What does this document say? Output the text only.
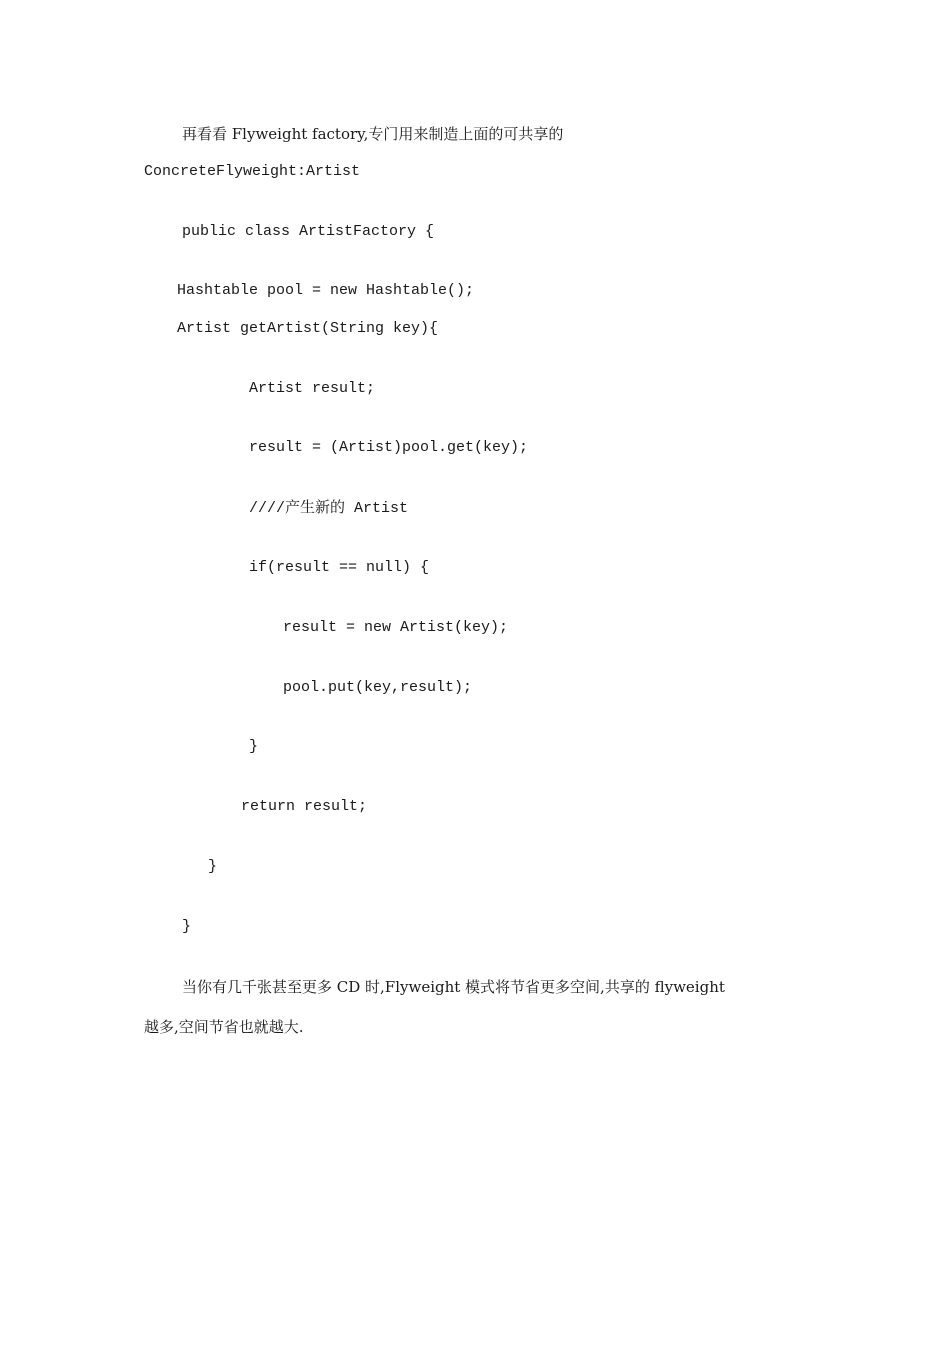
再看看 Flyweight factory,专门用来制造上面的可共享的
ConcreteFlyweight:Artist
public class ArtistFactory {
Hashtable pool = new Hashtable();
Artist getArtist(String key){
Artist result;
result = (Artist)pool.get(key);
////产生新的 Artist
if(result == null) {
result = new Artist(key);
pool.put(key,result);
}
return result;
}
}
当你有几千张甚至更多 CD 时,Flyweight 模式将节省更多空间,共享的 flyweight
越多,空间节省也就越大.
